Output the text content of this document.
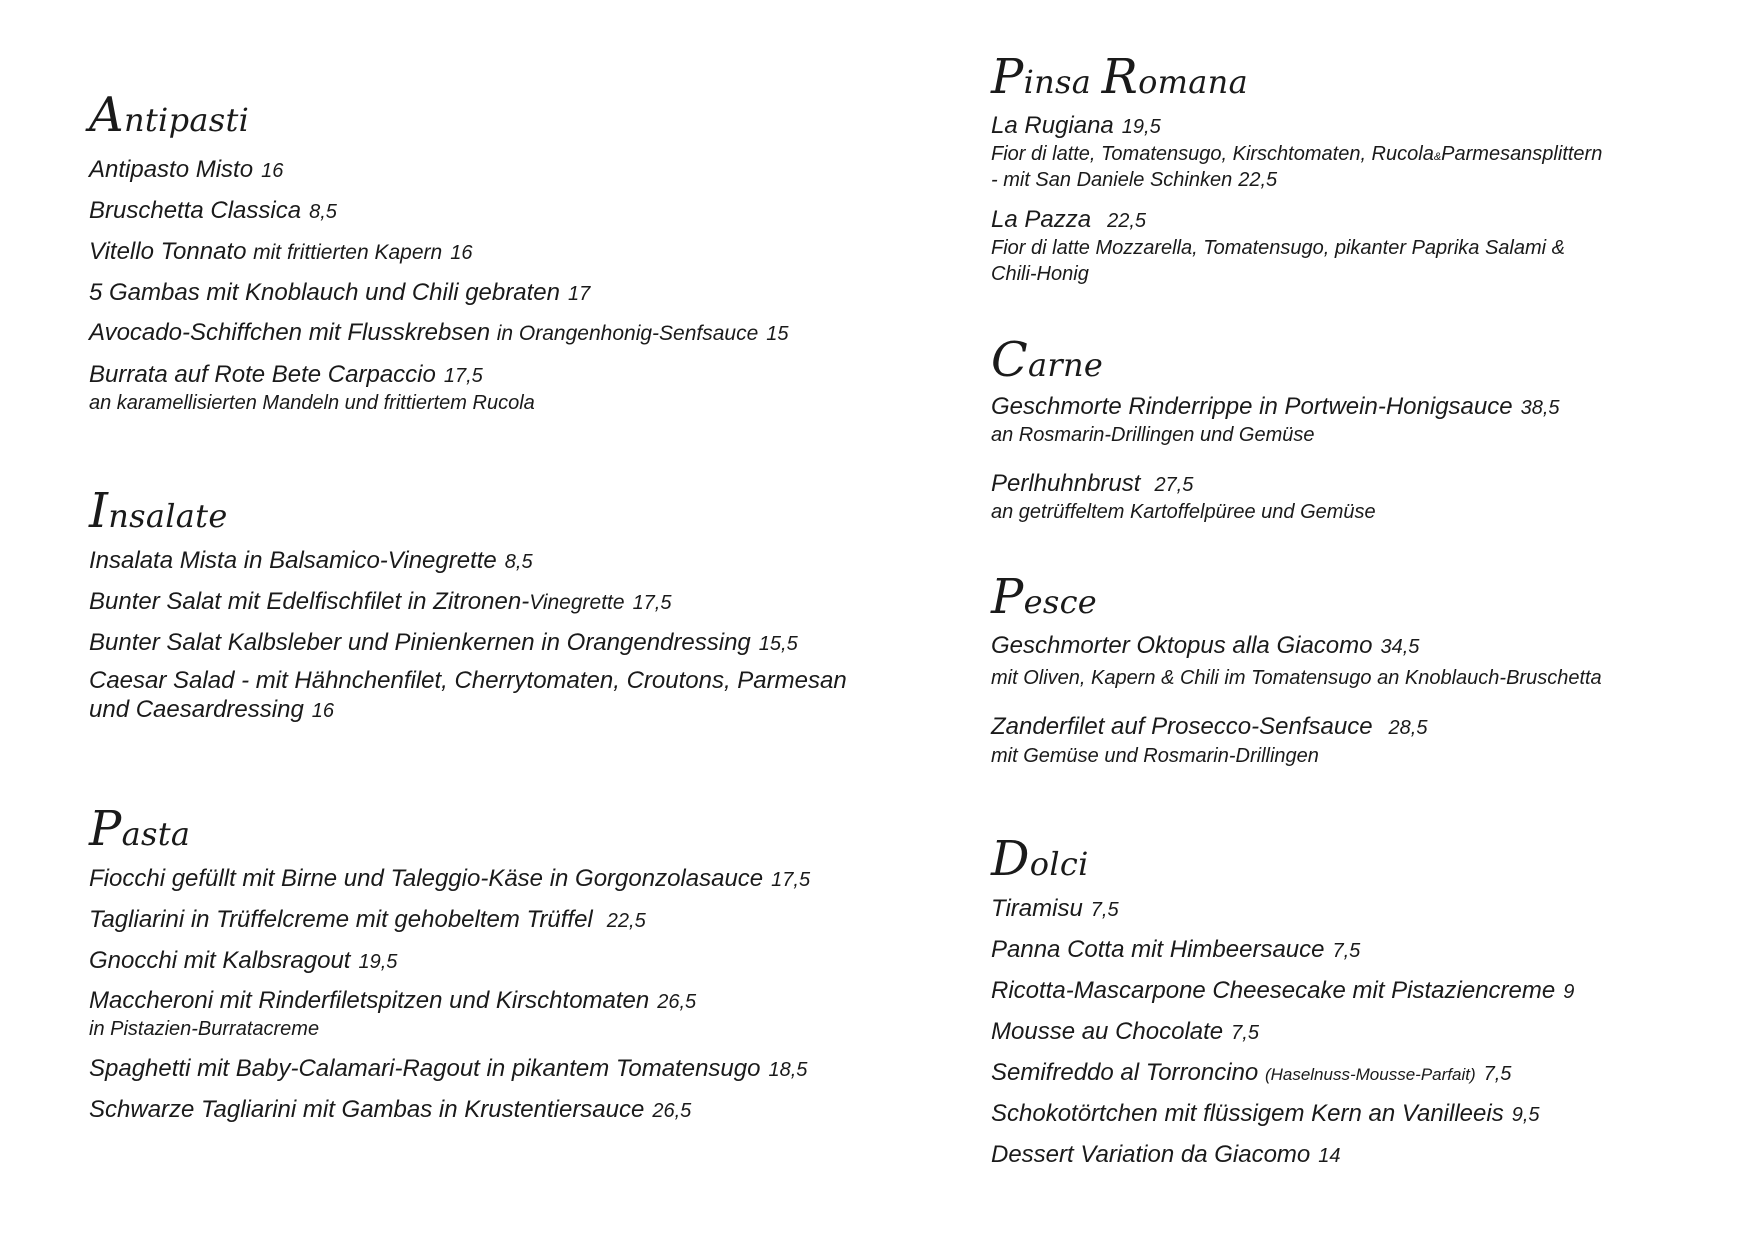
Antipasti
Antipasto Misto 16
Bruschetta Classica 8,5
Vitello Tonnato mit frittierten Kapern 16
5 Gambas mit Knoblauch und Chili gebraten 17
Avocado-Schiffchen mit Flusskrebsen in Orangenhonig-Senfsauce 15
Burrata auf Rote Bete Carpaccio 17,5
an karamellisierten Mandeln und frittiertem Rucola
Insalate
Insalata Mista in Balsamico-Vinegrette 8,5
Bunter Salat mit Edelfischfilet in Zitronen-Vinegrette 17,5
Bunter Salat Kalbsleber und Pinienkernen in Orangendressing 15,5
Caesar Salad - mit Hähnchenfilet, Cherrytomaten, Croutons, Parmesan
und Caesardressing 16
Pasta
Fiocchi gefüllt mit Birne und Taleggio-Käse in Gorgonzolasauce 17,5
Tagliarini in Trüffelcreme mit gehobeltem Trüffel 22,5
Gnocchi mit Kalbsragout 19,5
Maccheroni mit Rinderfiletspitzen und Kirschtomaten 26,5
in Pistazien-Burratacreme
Spaghetti mit Baby-Calamari-Ragout in pikantem Tomatensugo 18,5
Schwarze Tagliarini mit Gambas in Krustentiersauce 26,5
Pinsa Romana
La Rugiana 19,5
Fior di latte, Tomatensugo, Kirschtomaten, Rucola&Parmesansplittern
- mit San Daniele Schinken 22,5
La Pazza 22,5
Fior di latte Mozzarella, Tomatensugo, pikanter Paprika Salami &
Chili-Honig
Carne
Geschmorte Rinderrippe in Portwein-Honigsauce 38,5
an Rosmarin-Drillingen und Gemüse
Perlhuhnbrust 27,5
an getrüffeltem Kartoffelpüree und Gemüse
Pesce
Geschmorter Oktopus alla Giacomo 34,5
mit Oliven, Kapern & Chili im Tomatensugo an Knoblauch-Bruschetta
Zanderfilet auf Prosecco-Senfsauce 28,5
mit Gemüse und Rosmarin-Drillingen
Dolci
Tiramisu 7,5
Panna Cotta mit Himbeersauce 7,5
Ricotta-Mascarpone Cheesecake mit Pistaziencreme 9
Mousse au Chocolate 7,5
Semifreddo al Torroncino (Haselnuss-Mousse-Parfait) 7,5
Schokotörtchen mit flüssigem Kern an Vanilleeis 9,5
Dessert Variation da Giacomo 14
